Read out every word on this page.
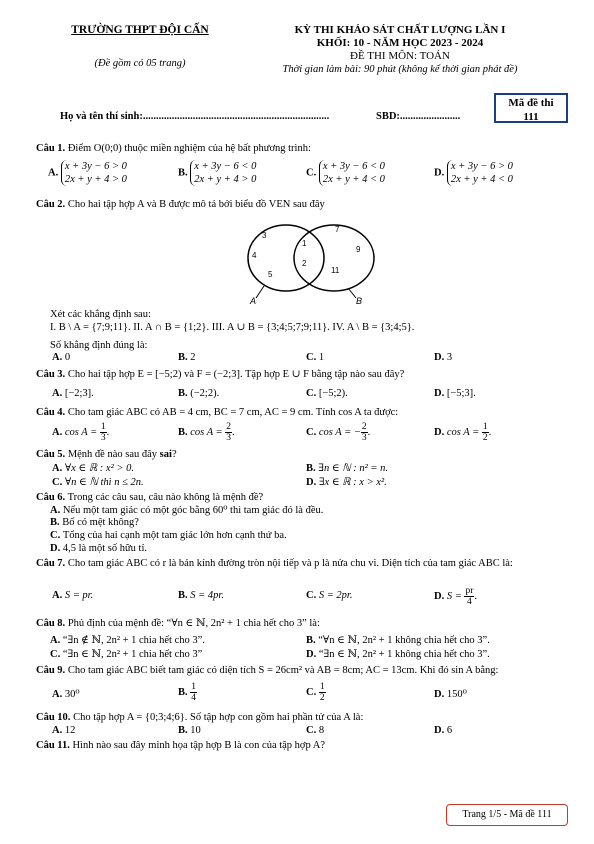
TRƯỜNG THPT ĐỘI CẤN
(Đề gồm có 05 trang)
KỲ THI KHẢO SÁT CHẤT LƯỢNG LẦN I
KHỐI: 10 - NĂM HỌC 2023 - 2024
ĐỀ THI MÔN: TOÁN
Thời gian làm bài: 90 phút (không kể thời gian phát đề)
Họ và tên thí sinh:.......................................................................	SBD:.......................
Mã đề thi
111
Câu 1. Điểm O(0;0) thuộc miền nghiệm của hệ bất phương trình:
A. x + 3y − 6 > 0
2x + y + 4 > 0
B. x + 3y − 6 < 0
2x + y + 4 > 0
C. x + 3y − 6 < 0
2x + y + 4 < 0
D. x + 3y − 6 > 0
2x + y + 4 < 0
Câu 2. Cho hai tập hợp A và B được mô tả bởi biểu đồ VEN sau đây
3
4
5
1
2
7
9
11
A	B
Xét các khẳng định sau:
I. B \ A = {7;9;11}. II. A ∩ B = {1;2}. III. A ∪ B = {3;4;5;7;9;11}. IV. A \ B = {3;4;5}.
Số khẳng định đúng là:
A. 0	B. 2	C. 1	D. 3
Câu 3. Cho hai tập hợp E = [−5;2) và F = (−2;3]. Tập hợp E ∪ F bằng tập nào sau đây?
A. [−2;3].	B. (−2;2).	C. [−5;2).	D. [−5;3].
Câu 4. Cho tam giác ABC có AB = 4 cm, BC = 7 cm, AC = 9 cm. Tính cos A ta được:
A. $\cos A = \frac{1}{3}$ .	B. $\cos A = \frac{2}{3}$ .	C. cos A = − $\frac{2}{3}$ .	D. $\cos A = \frac{1}{2}$ .
Câu 5. Mệnh đề nào sau đây sai?
A. ∀x ∈ ℝ : x² > 0.	B. ∃n ∈ ℕ : n² = n.
C. ∀n ∈ ℕ thì n ≤ 2n.	D. ∃x ∈ ℝ : x > x².
Câu 6. Trong các câu sau, câu nào không là mệnh đề?
A. Nếu một tam giác có một góc bằng 60⁰ thì tam giác đó là đều.
B. Bố có mệt không?
C. Tổng của hai cạnh một tam giác lớn hơn cạnh thứ ba.
D. 4,5 là một số hữu tỉ.
Câu 7. Cho tam giác ABC có r là bán kính đường tròn nội tiếp và p là nửa chu vi. Diện tích của tam giác ABC là:
A. S = pr.	B. S = 4pr.	C. S = 2pr.	D. $S = \frac{pr}{4}$ .
Câu 8. Phủ định của mệnh đề: “∀n ∈ ℕ, 2n² + 1 chia hết cho 3” là:
A. “∃n ∉ ℕ, 2n² + 1 chia hết cho 3”.	B. “∀n ∈ ℕ, 2n² + 1 không chia hết cho 3”.
C. “∃n ∈ ℕ, 2n² + 1 chia hết cho 3”	D. “∃n ∈ ℕ, 2n² + 1 không chia hết cho 3”.
Câu 9. Cho tam giác ABC biết tam giác có diện tích S = 26cm² và AB = 8cm; AC = 13cm. Khi đó sin A bằng:
A. 30⁰	B. $\frac{1}{4}$	C. $\frac{1}{2}$	D. 150⁰
Câu 10. Cho tập hợp A = {0;3;4;6}. Số tập hợp con gồm hai phần tử của A là:
A. 12	B. 10	C. 8	D. 6
Câu 11. Hình nào sau đây minh họa tập hợp B là con của tập hợp A?
Trang 1/5 - Mã đề 111
